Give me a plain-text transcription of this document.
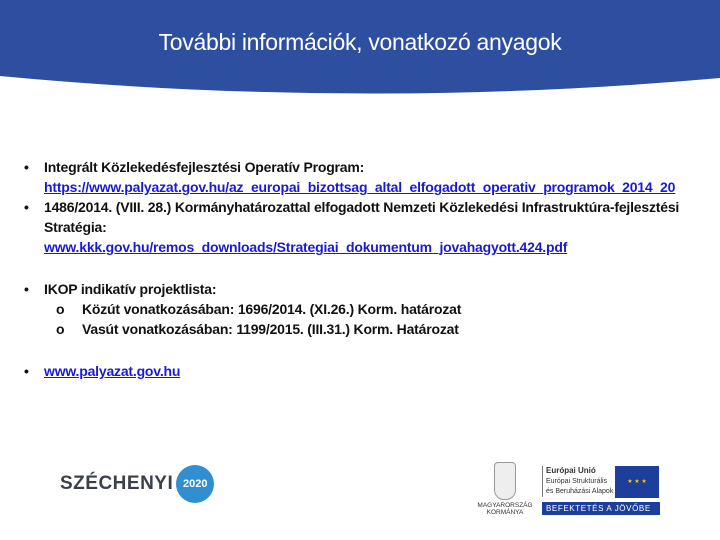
További információk, vonatkozó anyagok
• Integrált Közlekedésfejlesztési Operatív Program:
https://www.palyazat.gov.hu/az_europai_bizottsag_altal_elfogadott_operativ_programok_2014_20
• 1486/2014. (VIII. 28.) Kormányhatározattal elfogadott Nemzeti Közlekedési Infrastruktúra-fejlesztési Stratégia:
www.kkk.gov.hu/remos_downloads/Strategiai_dokumentum_jovahagyott.424.pdf
• IKOP indikatív projektlista:
o Közút vonatkozásában: 1696/2014. (XI.26.) Korm. határozat
o Vasút vonatkozásában: 1199/2015. (III.31.) Korm. Határozat
• www.palyazat.gov.hu
SZÉCHENYI 2020
MAGYARORSZÁG KORMÁNYA
Európai Unió
Európai Strukturális
és Beruházási Alapok★ ★ ★
BEFEKTETÉS A JÖVŐBE
